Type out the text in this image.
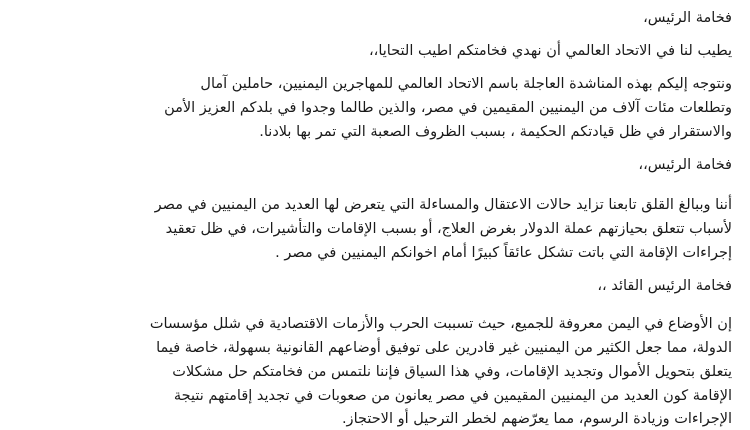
فخامة الرئيس،
يطيب لنا في الاتحاد العالمي أن نهدي فخامتكم اطيب التحايا،،
ونتوجه إليكم بهذه المناشدة العاجلة باسم الاتحاد العالمي للمهاجرين اليمنيين، حاملين آمال
وتطلعات مئات آلاف من اليمنيين المقيمين في مصر، والذين طالما وجدوا في بلدكم العزيز الأمن
والاستقرار في ظل قيادتكم الحكيمة ، بسبب الظروف الصعبة التي تمر بها بلادنا.
فخامة الرئيس،،
أننا وببالغ القلق تابعنا تزايد حالات الاعتقال والمساءلة التي يتعرض لها العديد من اليمنيين في مصر
لأسباب تتعلق بحيازتهم عملة الدولار بغرض العلاج، أو بسبب الإقامات والتأشيرات، في ظل تعقيد
إجراءات الإقامة التي باتت تشكل عائقاً كبيرًا أمام اخوانكم اليمنيين في مصر .
فخامة الرئيس القائد ،،
إن الأوضاع في اليمن معروفة للجميع، حيث تسببت الحرب والأزمات الاقتصادية في شلل مؤسسات
الدولة، مما جعل الكثير من اليمنيين غير قادرين على توفيق أوضاعهم القانونية بسهولة، خاصة فيما
يتعلق بتحويل الأموال وتجديد الإقامات، وفي هذا السياق فإننا نلتمس من فخامتكم حل مشكلات
الإقامة كون العديد من اليمنيين المقيمين في مصر يعانون من صعوبات في تجديد إقامتهم نتيجة
الإجراءات وزيادة الرسوم، مما يعرّضهم لخطر الترحيل أو الاحتجاز.
